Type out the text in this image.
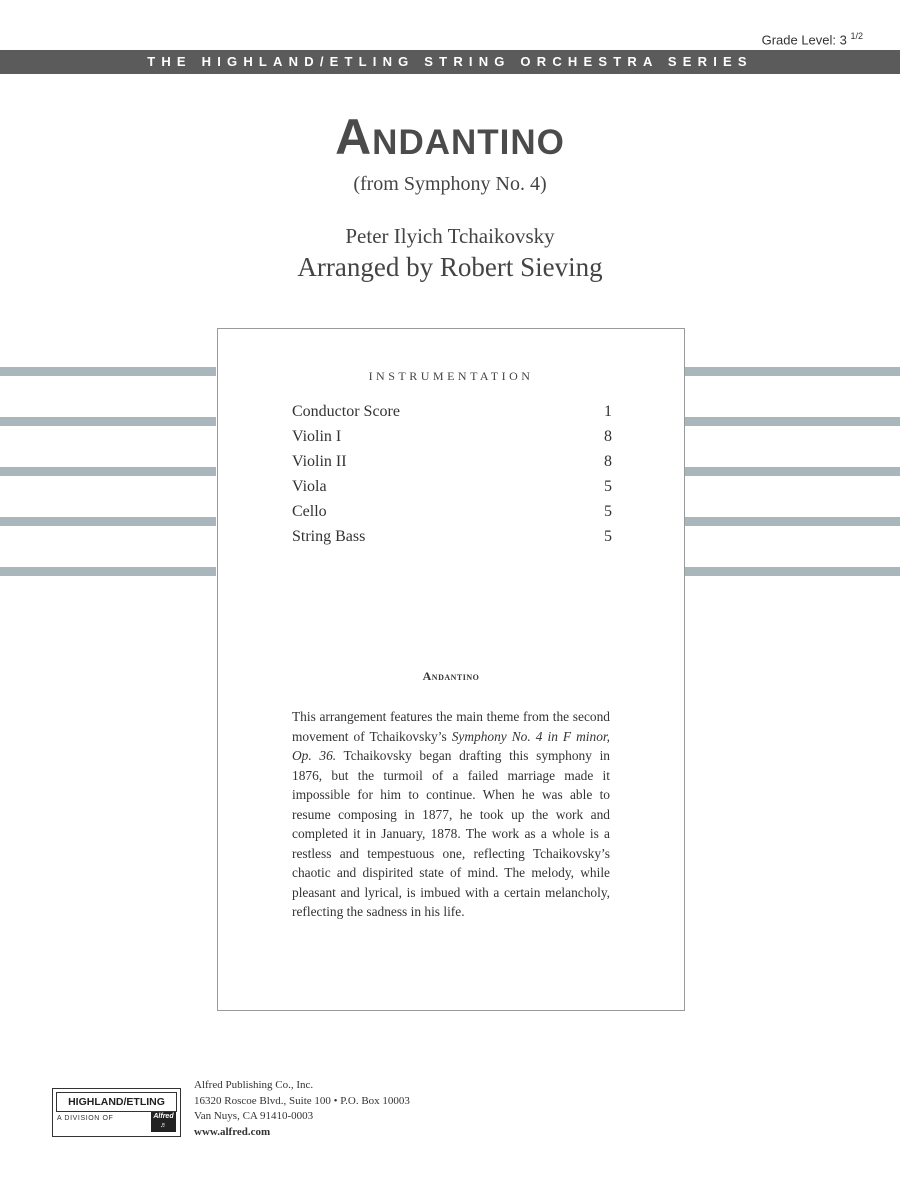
Grade Level: 3 $^{1/2}$
THE HIGHLAND/ETLING STRING ORCHESTRA SERIES
Andantino
(from Symphony No. 4)
Peter Ilyich Tchaikovsky
Arranged by Robert Sieving
INSTRUMENTATION
Conductor Score	1
Violin I	8
Violin II	8
Viola	5
Cello	5
String Bass	5
Andantino

This arrangement features the main theme from the second movement of Tchaikovsky’s Symphony No. 4 in F minor, Op. 36. Tchaikovsky began drafting this symphony in 1876, but the turmoil of a failed marriage made it impossible for him to continue. When he was able to resume composing in 1877, he took up the work and completed it in January, 1878. The work as a whole is a restless and tempestuous one, reflecting Tchaikovsky’s chaotic and dispirited state of mind. The melody, while pleasant and lyrical, is imbued with a certain melancholy, reflecting the sadness in his life.

HIGHLAND/ETLING
A DIVISION OF	Alfred
♬
Alfred Publishing Co., Inc.
16320 Roscoe Blvd., Suite 100 • P.O. Box 10003
Van Nuys, CA 91410-0003
www.alfred.com
